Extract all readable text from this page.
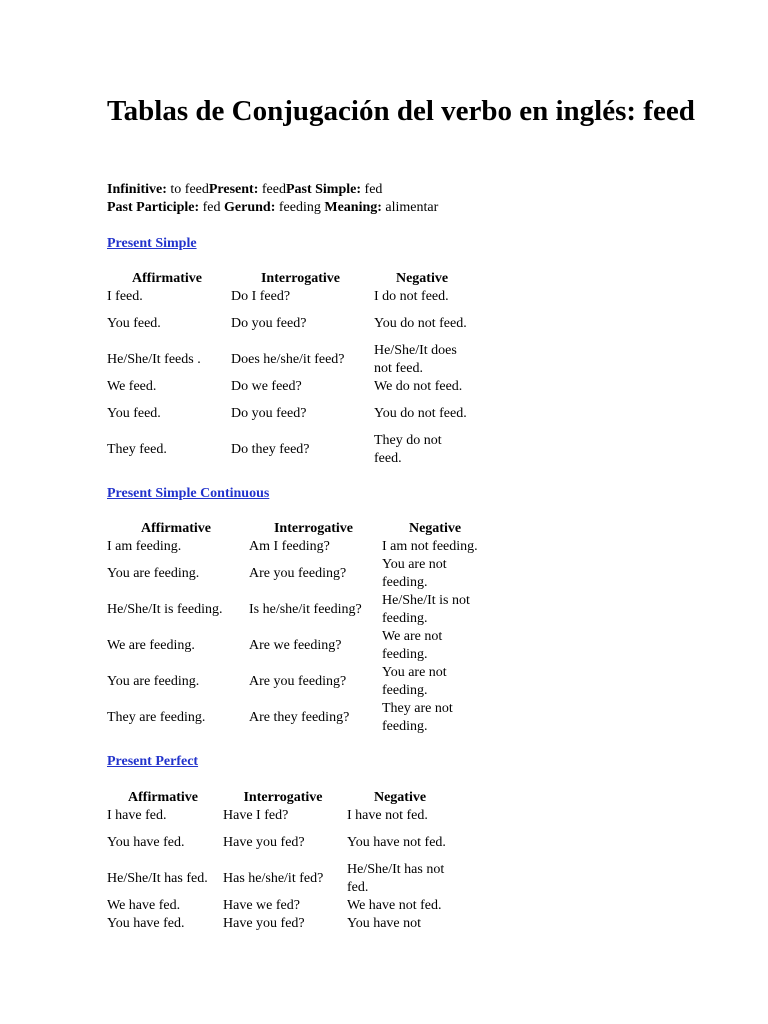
Tablas de Conjugación del verbo en inglés: feed
Infinitive: to feedPresent: feedPast Simple: fed
Past Participle: fed Gerund: feeding Meaning: alimentar
Present Simple
Affirmative	Interrogative	Negative
I feed.	Do I feed?	I do not feed.
You feed.	Do you feed?	You do not feed.
He/She/It feeds .	Does he/she/it feed?	He/She/It does not feed.
We feed.	Do we feed?	We do not feed.
You feed.	Do you feed?	You do not feed.
They feed.	Do they feed?	They do not feed.
Present Simple Continuous
Affirmative	Interrogative	Negative
I am feeding.	Am I feeding?	I am not feeding.
You are feeding.	Are you feeding?	You are not feeding.
He/She/It is feeding.	Is he/she/it feeding?	He/She/It is not feeding.
We are feeding.	Are we feeding?	We are not feeding.
You are feeding.	Are you feeding?	You are not feeding.
They are feeding.	Are they feeding?	They are not feeding.
Present Perfect
Affirmative	Interrogative	Negative
I have fed.	Have I fed?	I have not fed.
You have fed.	Have you fed?	You have not fed.
He/She/It has fed.	Has he/she/it fed?	He/She/It has not fed.
We have fed.	Have we fed?	We have not fed.
You have fed.	Have you fed?	You have not
